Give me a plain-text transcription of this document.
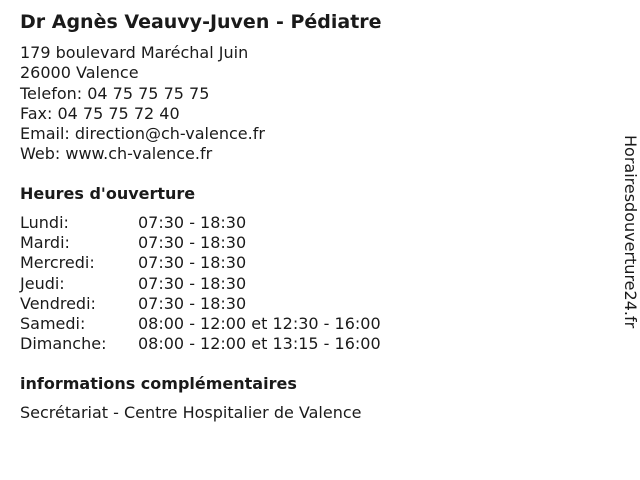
Dr Agnès Veauvy-Juven - Pédiatre
179 boulevard Maréchal Juin
26000 Valence
Telefon: 04 75 75 75 75
Fax: 04 75 75 72 40
Email: direction@ch-valence.fr
Web: www.ch-valence.fr
Heures d'ouverture
Lundi:	07:30 - 18:30
Mardi:	07:30 - 18:30
Mercredi:	07:30 - 18:30
Jeudi:	07:30 - 18:30
Vendredi:	07:30 - 18:30
Samedi:	08:00 - 12:00 et 12:30 - 16:00
Dimanche: 08:00 - 12:00 et 13:15 - 16:00
informations complémentaires
Secrétariat - Centre Hospitalier de Valence
Horairesdouverture24.fr
